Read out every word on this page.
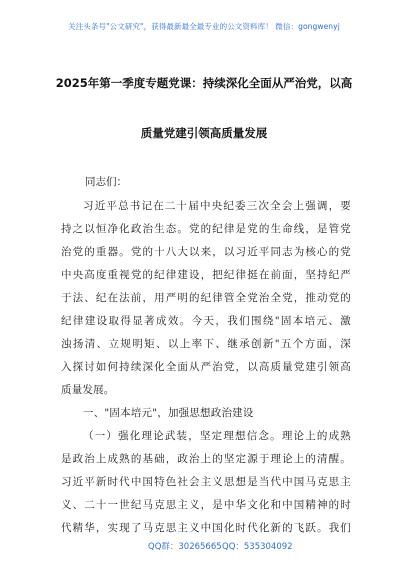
关注头条号"公文研究"，获得最新最全最专业的公文资料库！ 微信：gongwenyj
2025年第一季度专题党课：持续深化全面从严治党，以高
质量党建引领高质量发展
同志们：
习近平总书记在二十届中央纪委三次全会上强调，要
持之以恒净化政治生态。党的纪律是党的生命线，是管党
治党的重器。党的十八大以来，以习近平同志为核心的党
中央高度重视党的纪律建设，把纪律挺在前面，坚持纪严
于法、纪在法前，用严明的纪律管全党治全党，推动党的
纪律建设取得显著成效。今天，我们围绕"固本培元、激
浊扬清、立规明矩、以上率下、继承创新"五个方面，深
入探讨如何持续深化全面从严治党，以高质量党建引领高
质量发展。
一、"固本培元"，加强思想政治建设
（一）强化理论武装，坚定理想信念。理论上的成熟
是政治上成熟的基础，政治上的坚定源于理论上的清醒。
习近平新时代中国特色社会主义思想是当代中国马克思主
义、二十一世纪马克思主义，是中华文化和中国精神的时
代精华，实现了马克思主义中国化时代化新的飞跃。我们
QQ群：30265665 QQ：535304092
